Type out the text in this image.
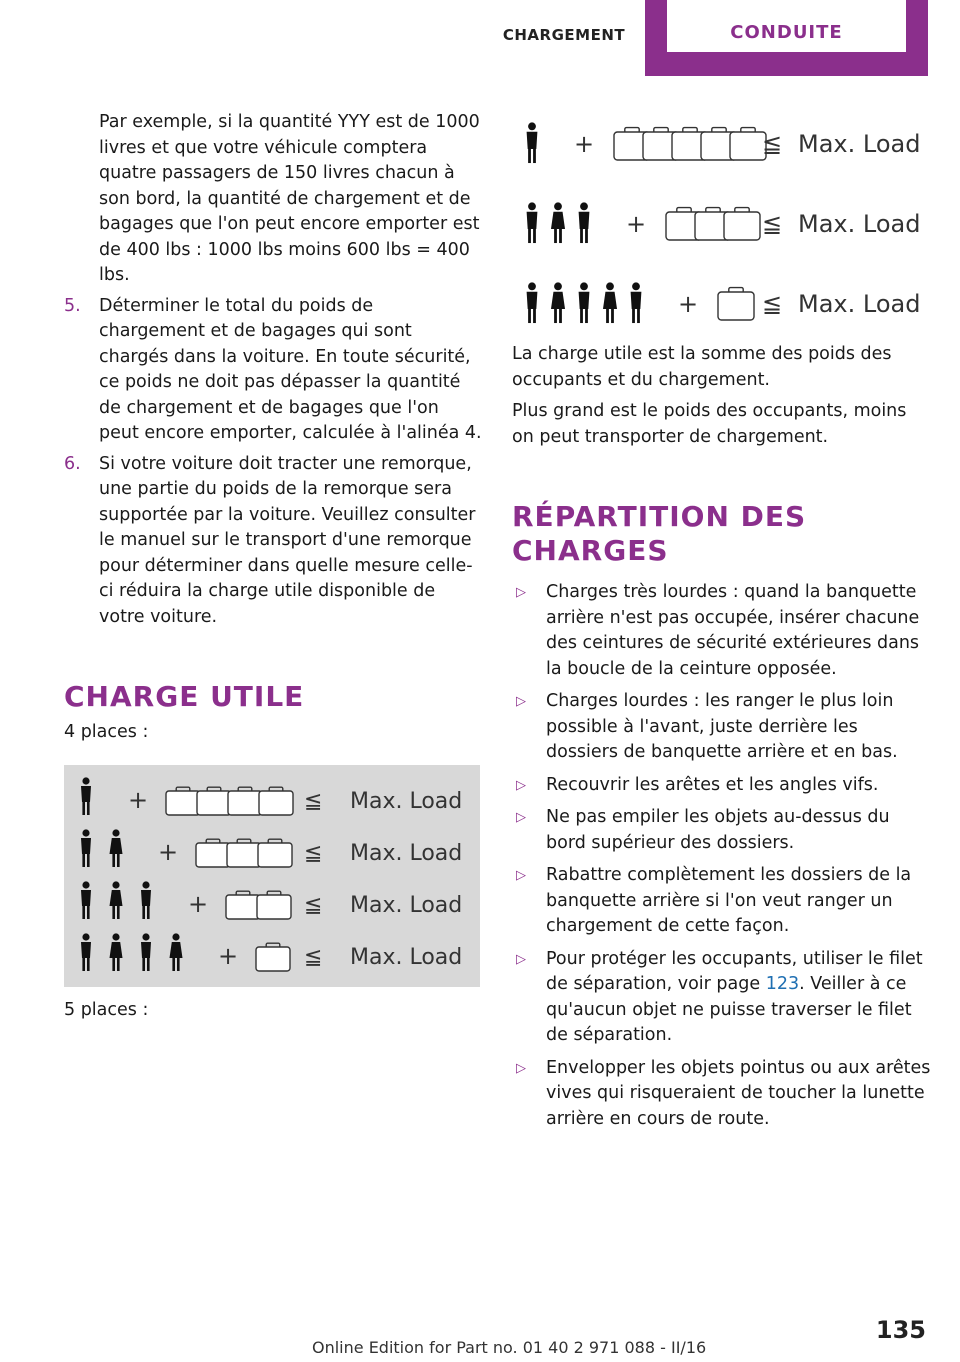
CHARGEMENT	CONDUITE

Par exemple, si la quantité YYY est de 1000 livres et que votre véhicule comptera quatre passagers de 150 livres chacun à son bord, la quantité de chargement et de bagages que l'on peut encore emporter est de 400 lbs : 1000 lbs moins 600 lbs = 400 lbs.

5. Déterminer le total du poids de chargement et de bagages qui sont chargés dans la voiture. En toute sécurité, ce poids ne doit pas dépasser la quantité de chargement et de bagages que l'on peut encore emporter, calculée à l'alinéa 4.
6. Si votre voiture doit tracter une remorque, une partie du poids de la remorque sera supportée par la voiture. Veuillez consulter le manuel sur le transport d'une remorque pour déterminer dans quelle mesure celle-ci réduira la charge utile disponible de votre voiture.
CHARGE UTILE

4 places :

+	≦ Max. Load
+	≦ Max. Load
+	≦ Max. Load
+	≦ Max. Load

5 places :

+	≦ Max. Load
+	≦ Max. Load
+	≦ Max. Load

La charge utile est la somme des poids des occupants et du chargement.

Plus grand est le poids des occupants, moins on peut transporter de chargement.

RÉPARTITION DES CHARGES
▷ Charges très lourdes : quand la banquette arrière n'est pas occupée, insérer chacune des ceintures de sécurité extérieures dans la boucle de la ceinture opposée.
▷ Charges lourdes : les ranger le plus loin possible à l'avant, juste derrière les dossiers de banquette arrière et en bas.
▷ Recouvrir les arêtes et les angles vifs.
▷ Ne pas empiler les objets au-dessus du bord supérieur des dossiers.
▷ Rabattre complètement les dossiers de la banquette arrière si l'on veut ranger un chargement de cette façon.
▷ Pour protéger les occupants, utiliser le filet de séparation, voir page 123. Veiller à ce qu'aucun objet ne puisse traverser le filet de séparation.
▷ Envelopper les objets pointus ou aux arêtes vives qui risqueraient de toucher la lunette arrière en cours de route.
Online Edition for Part no. 01 40 2 971 088 - II/16
135
